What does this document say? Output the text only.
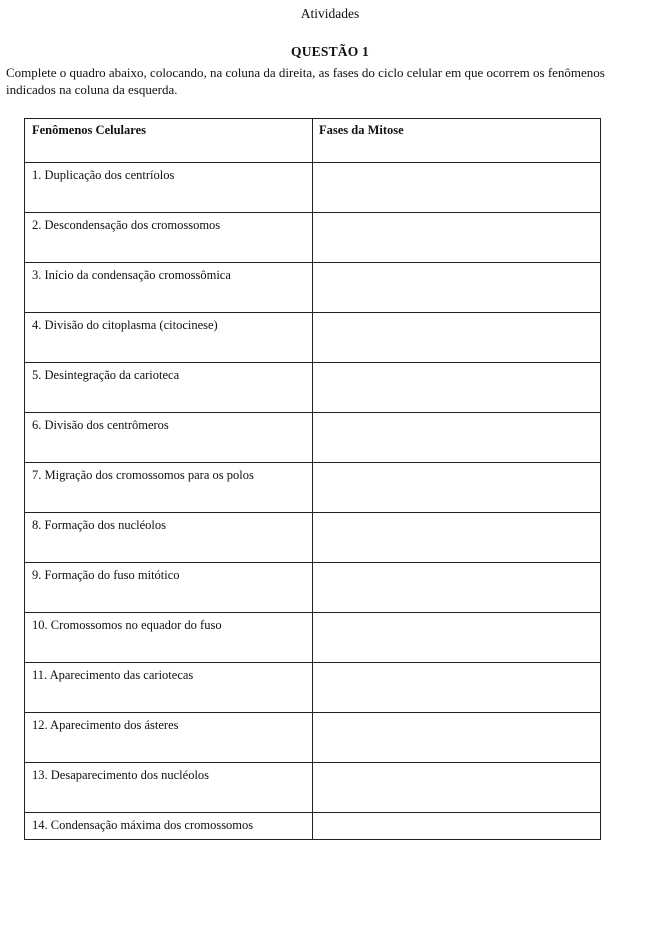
Atividades
QUESTÃO 1
Complete o quadro abaixo, colocando, na coluna da direita, as fases do ciclo celular em que ocorrem os fenômenos indicados na coluna da esquerda.
Fenômenos Celulares	Fases da Mitose

1. Duplicação dos centríolos	

2. Descondensação dos cromossomos	

3. Início da condensação cromossômica	

4. Divisão do citoplasma (citocinese)	

5. Desintegração da carioteca	

6. Divisão dos centrômeros	

7. Migração dos cromossomos para os polos	

8. Formação dos nucléolos	

9. Formação do fuso mitótico	

10. Cromossomos no equador do fuso	

11. Aparecimento das cariotecas	

12. Aparecimento dos ásteres	

13. Desaparecimento dos nucléolos	

14. Condensação máxima dos cromossomos	
